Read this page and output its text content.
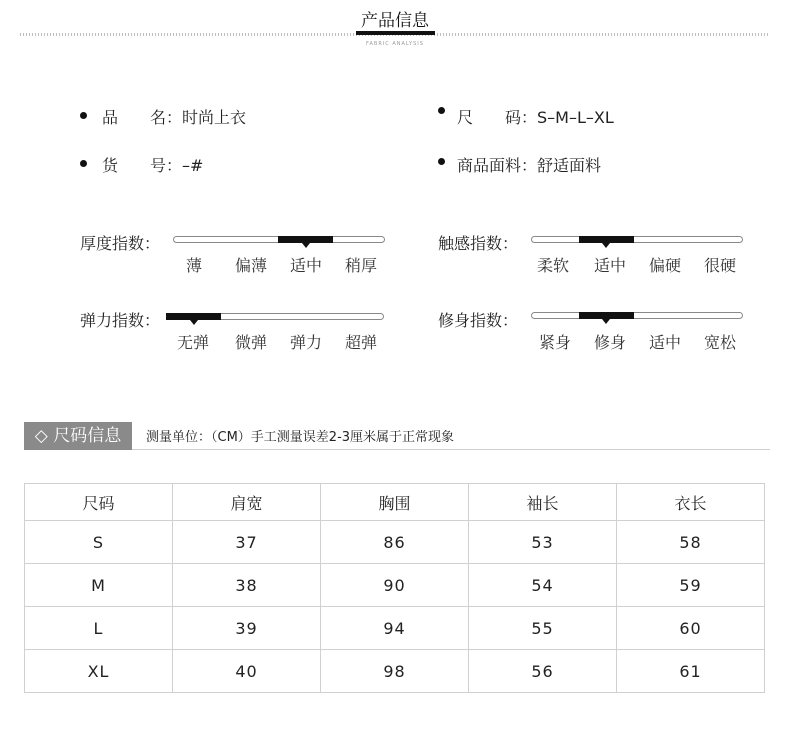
产品信息
FABRIC ANALYSIS
品　　名：时尚上衣	尺　　码：S–M–L–XL
货　　号：–#	商品面料：舒适面料
厚度指数：
薄	偏薄	适中	稍厚
触感指数：
柔软	适中	偏硬	很硬
弹力指数：
无弹	微弹	弹力	超弹
修身指数：
紧身	修身	适中	宽松
◇ 尺码信息	测量单位：（CM）手工测量误差2-3厘米属于正常现象
尺码	肩宽	胸围	袖长	衣长
S	37	86	53	58
M	38	90	54	59
L	39	94	55	60
XL	40	98	56	61
